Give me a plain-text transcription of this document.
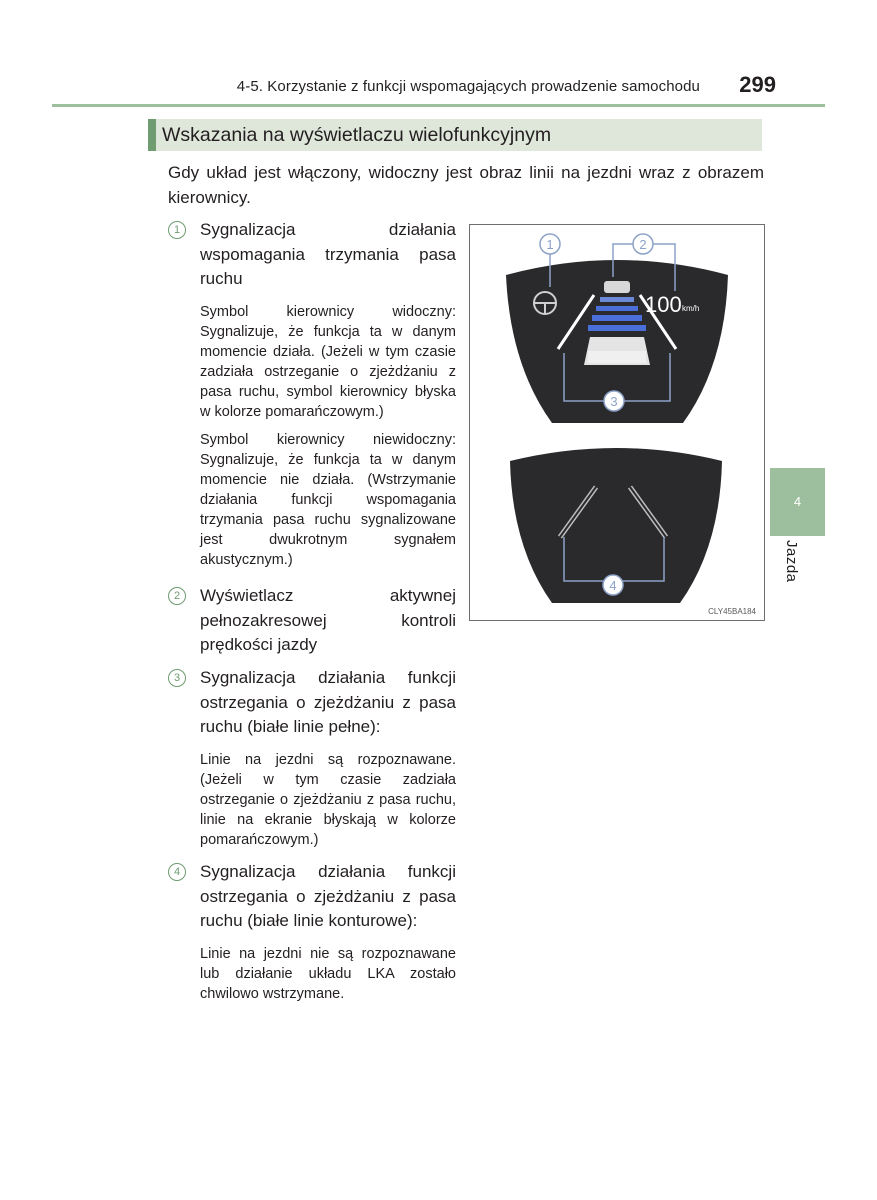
4-5. Korzystanie z funkcji wspomagających prowadzenie samochodu	299
Wskazania na wyświetlaczu wielofunkcyjnym
Gdy układ jest włączony, widoczny jest obraz linii na jezdni wraz z obrazem kierownicy.
1	Sygnalizacja działania wspomagania trzymania pasa ruchu

Symbol kierownicy widoczny: Sygnalizuje, że funkcja ta w danym momencie działa. (Jeżeli w tym czasie zadziała ostrzeganie o zjeżdżaniu z pasa ruchu, symbol kierownicy błyska w kolorze pomarańczowym.)

Symbol kierownicy niewidoczny: Sygnalizuje, że funkcja ta w danym momencie nie działa. (Wstrzymanie działania funkcji wspomagania trzymania pasa ruchu sygnalizowane jest dwukrotnym sygnałem akustycznym.)

2	Wyświetlacz aktywnej pełnozakresowej kontroli prędkości jazdy
3	Sygnalizacja działania funkcji ostrzegania o zjeżdżaniu z pasa ruchu (białe linie pełne):

Linie na jezdni są rozpoznawane. (Jeżeli w tym czasie zadziała ostrzeganie o zjeżdżaniu z pasa ruchu, linie na ekranie błyskają w kolorze pomarańczowym.)

4	Sygnalizacja działania funkcji ostrzegania o zjeżdżaniu z pasa ruchu (białe linie konturowe):

Linie na jezdni nie są rozpoznawane lub działanie układu LKA zostało chwilowo wstrzymane.

100 km/h
1	2
3
4
CLY45BA184
4
Jazda
